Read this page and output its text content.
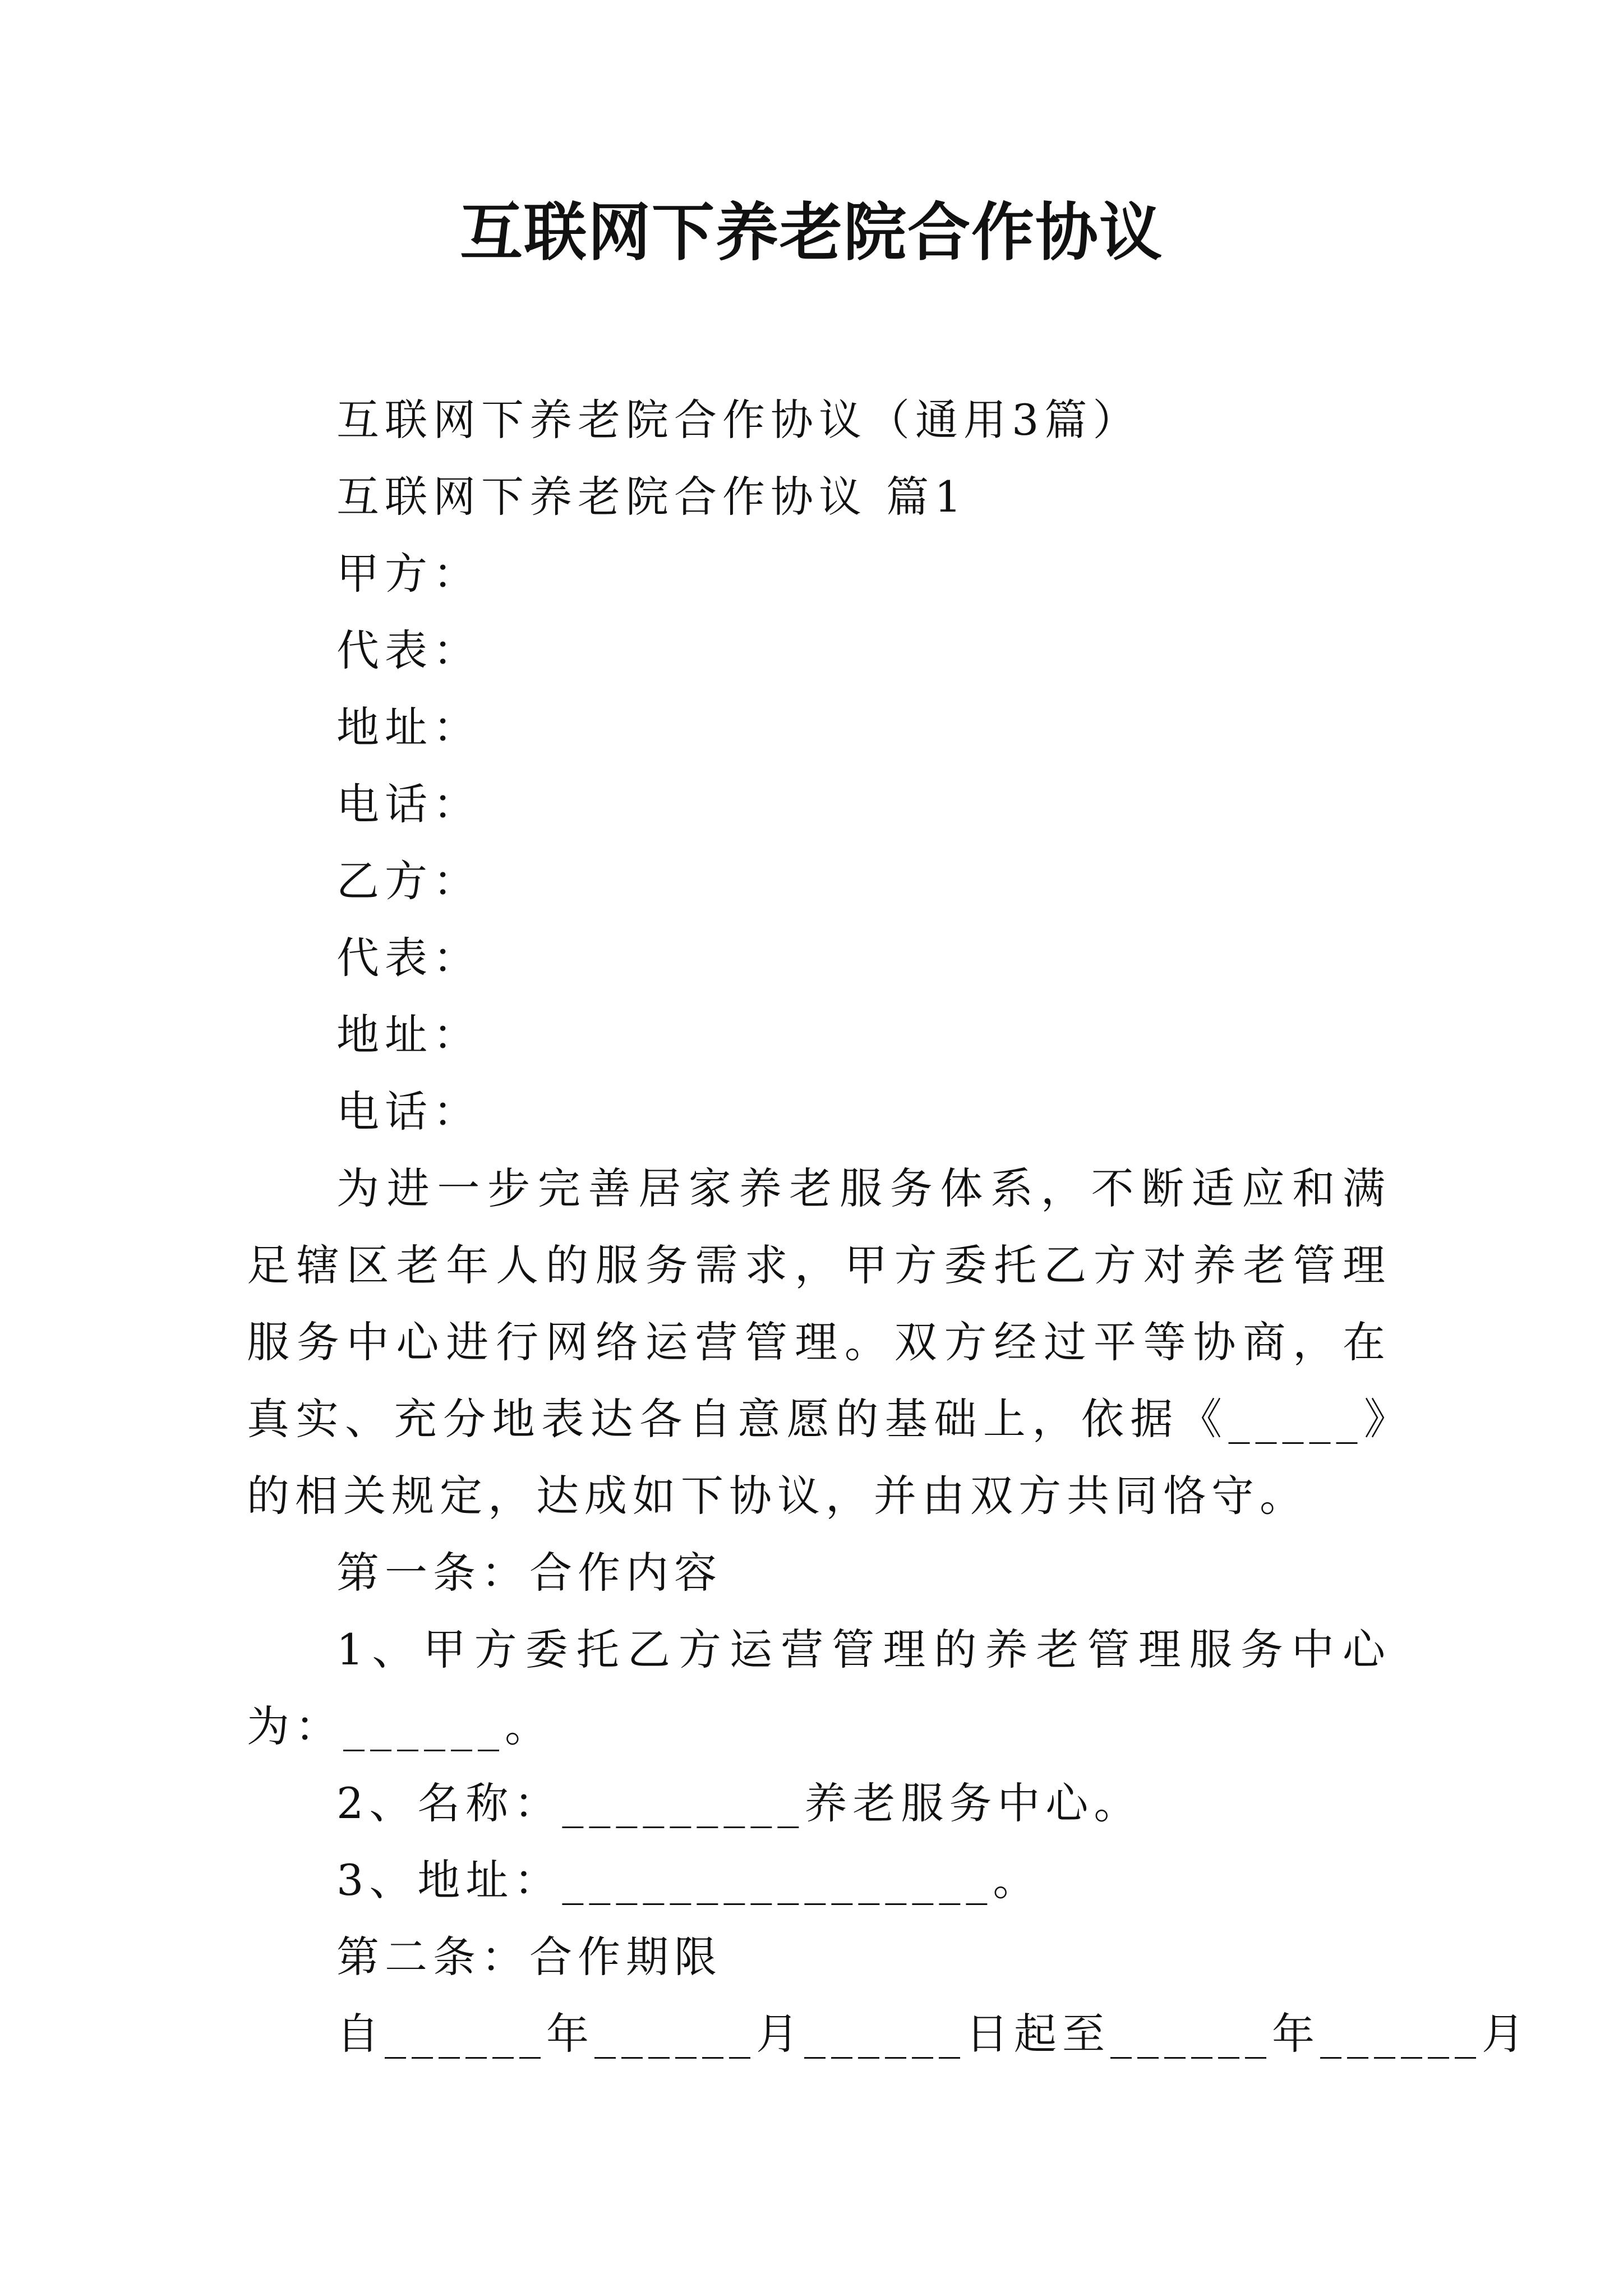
互联网下养老院合作协议
互联网下养老院合作协议（通用3篇）
互联网下养老院合作协议 篇1
甲方：
代表：
地址：
电话：
乙方：
代表：
地址：
电话：
为进一步完善居家养老服务体系，不断适应和满足辖区老年人的服务需求，甲方委托乙方对养老管理服务中心进行网络运营管理。双方经过平等协商，在真实、充分地表达各自意愿的基础上，依据《_____》的相关规定，达成如下协议，并由双方共同恪守。
第一条：合作内容
1、甲方委托乙方运营管理的养老管理服务中心为：______。
2、名称：_________养老服务中心。
3、地址：________________。
第二条：合作期限
自______年______月______日起至______年______月
